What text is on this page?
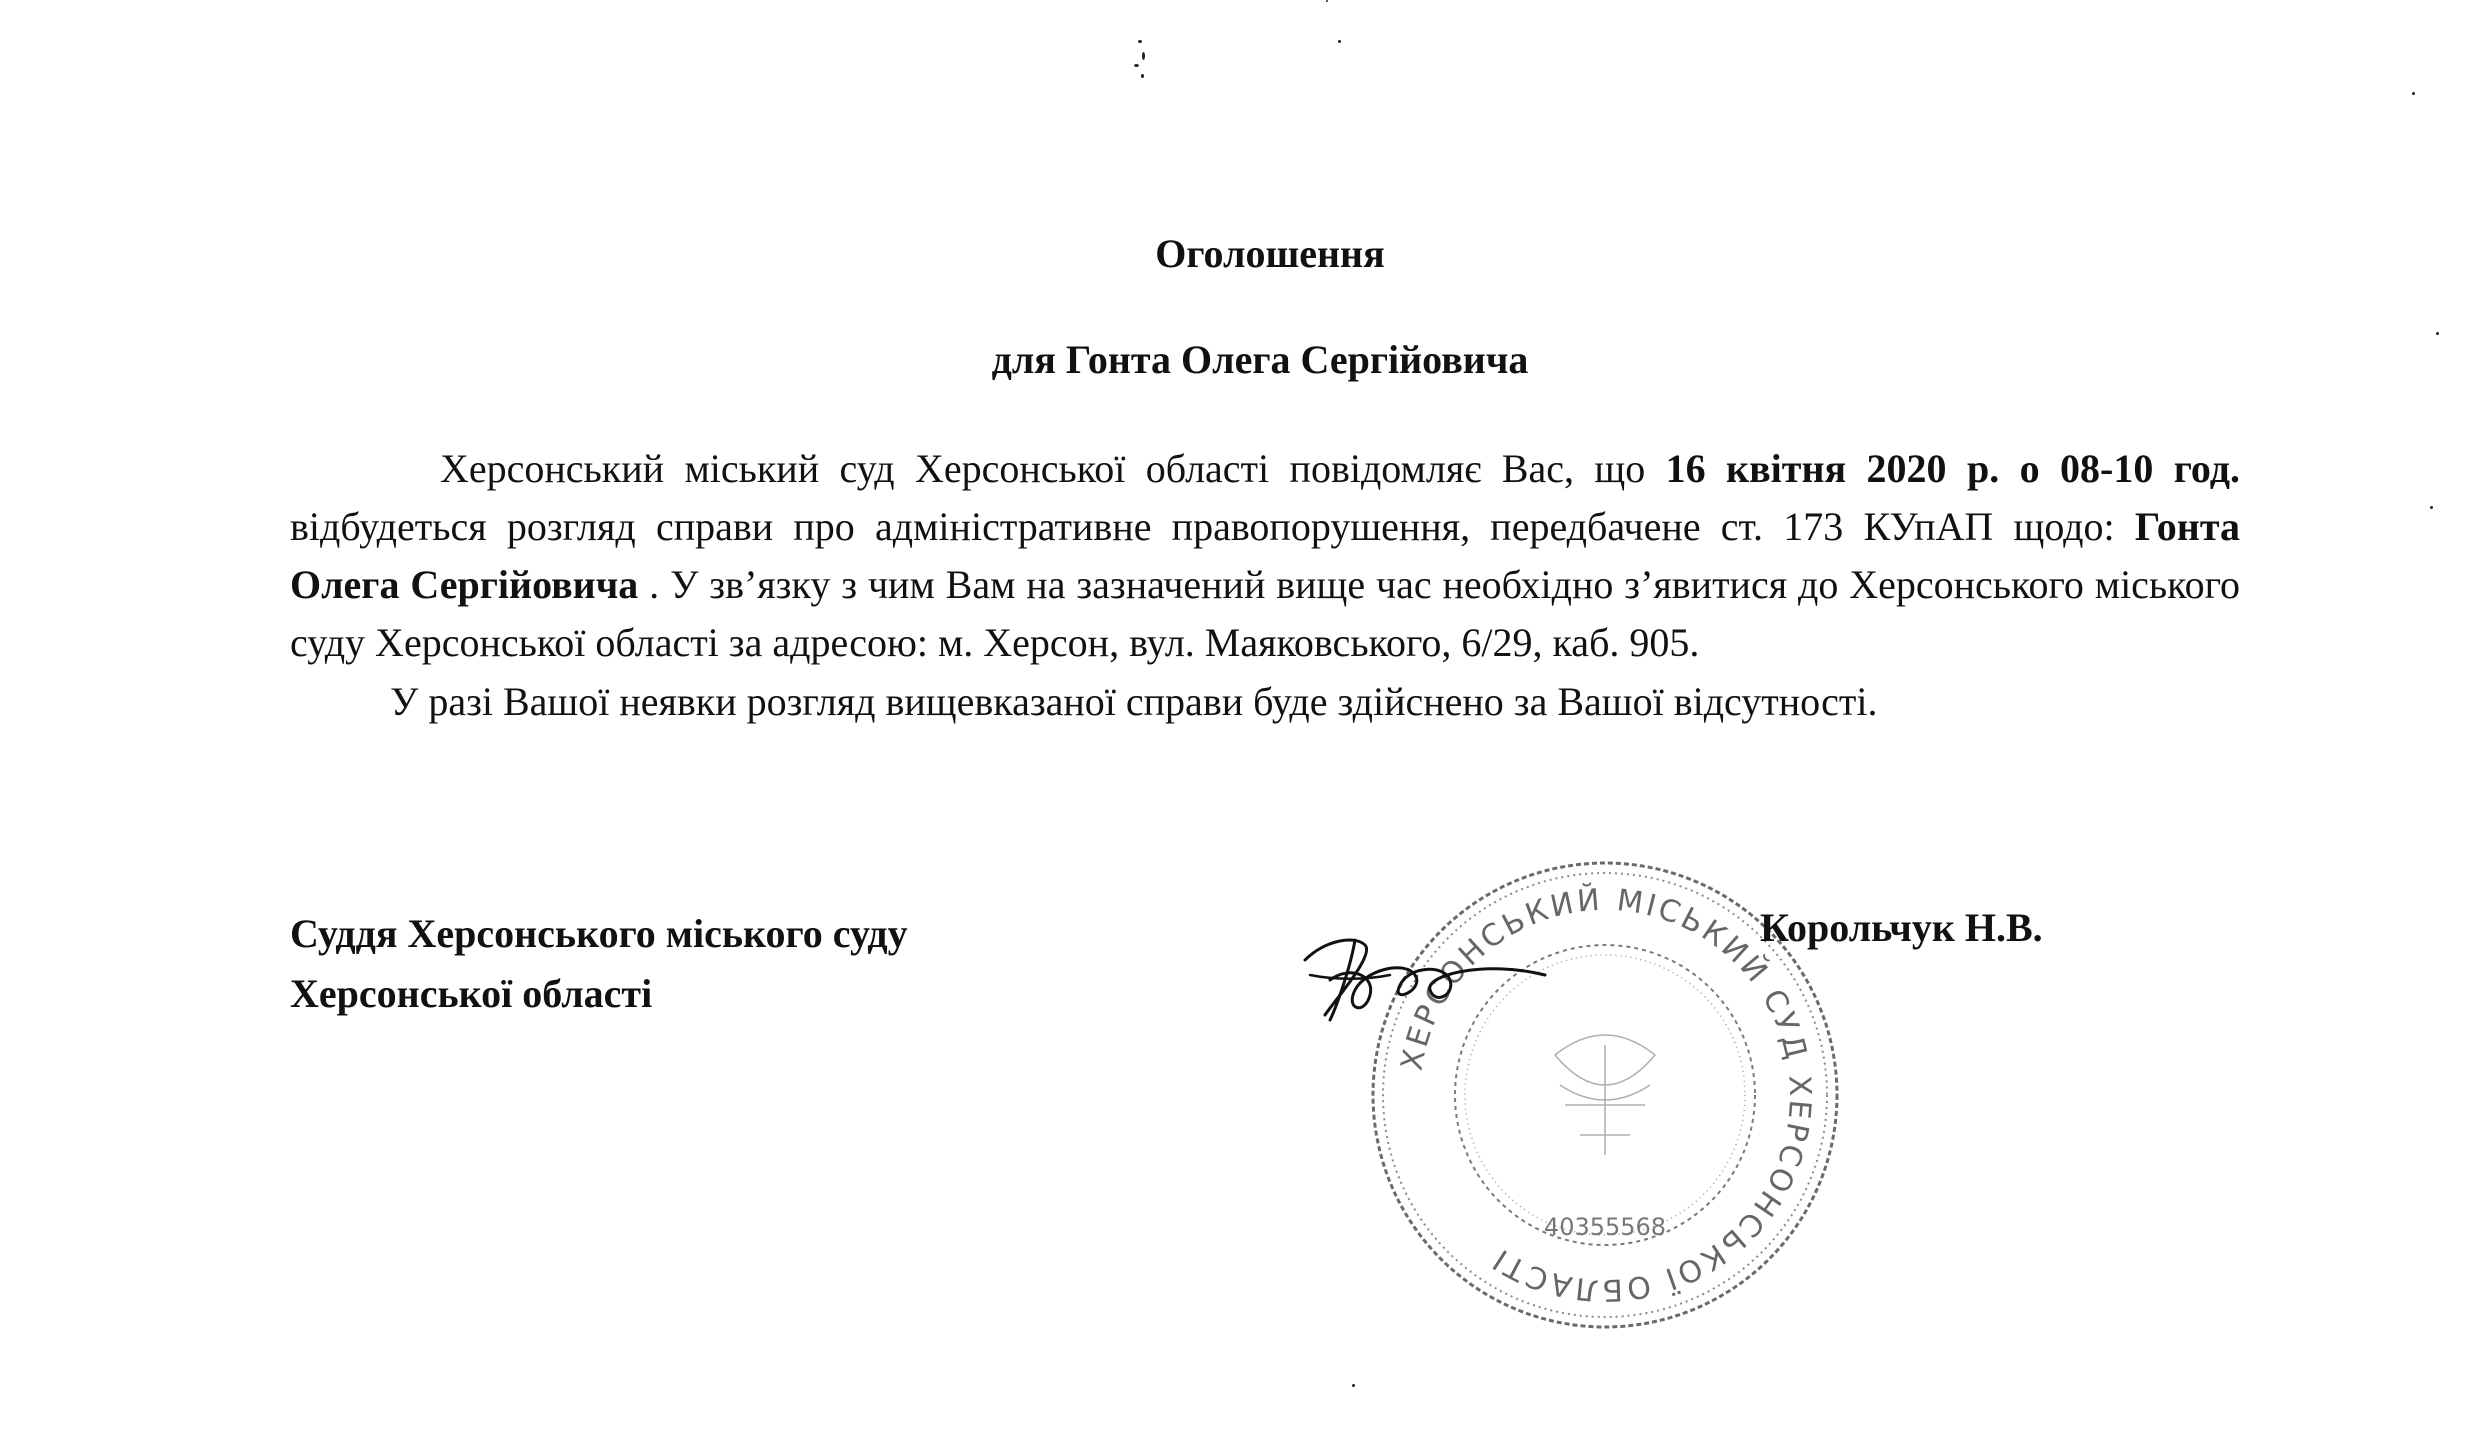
Оголошення
для Гонта Олега Сергійовича

Херсонський міський суд Херсонської області повідомляє Вас, що 16 квітня 2020 р. о 08-10 год. відбудеться розгляд справи про адміністративне правопорушення, передбачене ст. 173 КУпАП щодо: Гонта Олега Сергійовича . У зв’язку з чим Вам на зазначений вище час необхідно з’явитися до Херсонського міського суду Херсонської області за адресою: м. Херсон, вул. Маяковського, 6/29, каб. 905.

У разі Вашої неявки розгляд вищевказаної справи буде здійснено за Вашої відсутності.

Суддя Херсонського міського суду
Херсонської області
ХЕРСОНСЬКИЙ МІСЬКИЙ СУД ХЕРСОНСЬКОЇ ОБЛАСТІ
40355568
Корольчук Н.В.
